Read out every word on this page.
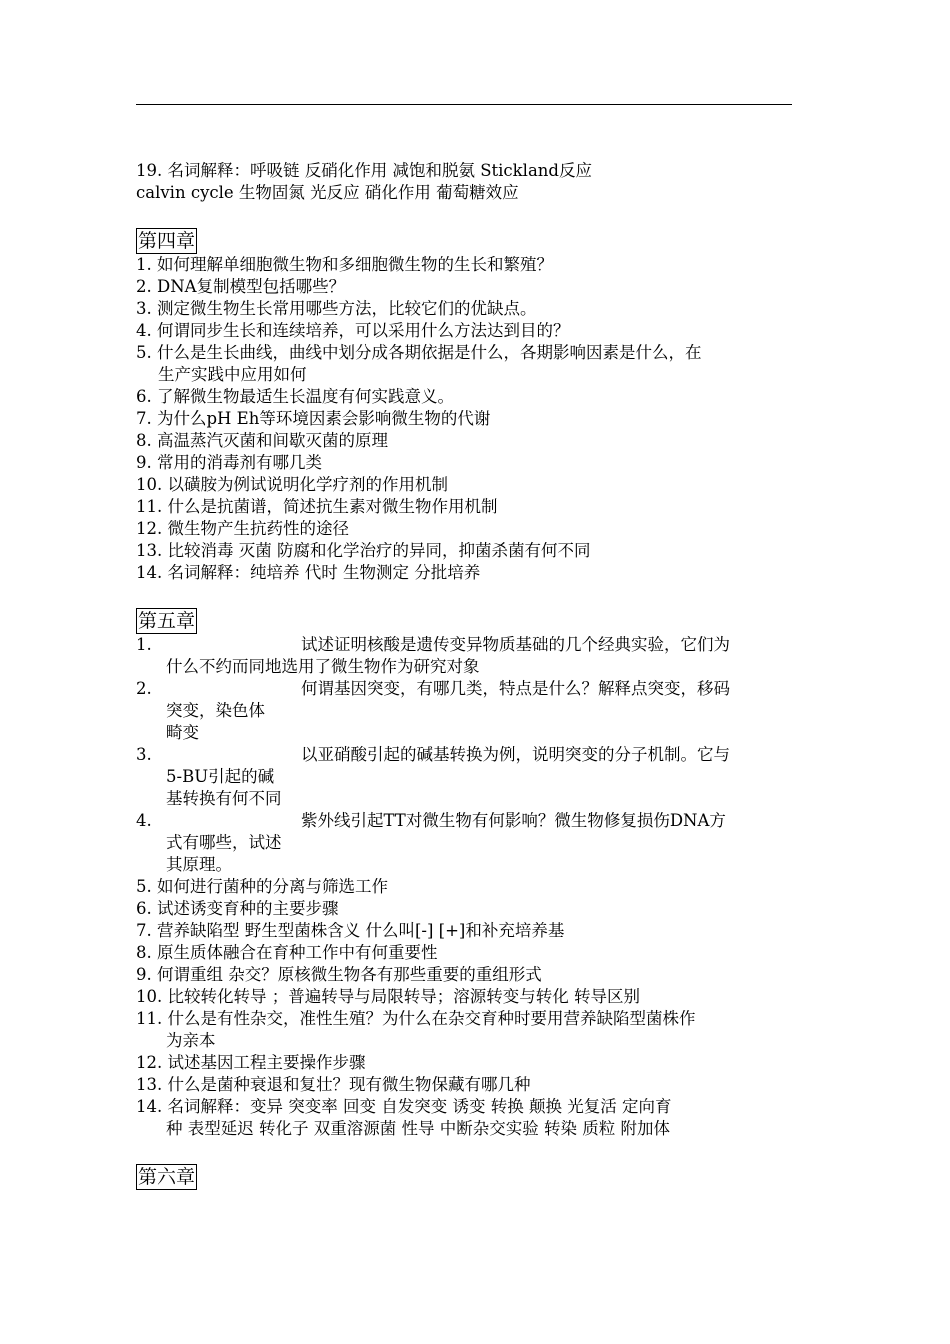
19. 名词解释：呼吸链 反硝化作用 减饱和脱氨 Stickland反应
calvin cycle 生物固氮 光反应 硝化作用 葡萄糖效应
第四章
1. 如何理解单细胞微生物和多细胞微生物的生长和繁殖？
2. DNA复制模型包括哪些？
3. 测定微生物生长常用哪些方法，比较它们的优缺点。
4. 何谓同步生长和连续培养，可以采用什么方法达到目的？
5. 什么是生长曲线，曲线中划分成各期依据是什么，各期影响因素是什么，在
生产实践中应用如何
6. 了解微生物最适生长温度有何实践意义。
7. 为什么pH Eh等环境因素会影响微生物的代谢
8. 高温蒸汽灭菌和间歇灭菌的原理
9. 常用的消毒剂有哪几类
10. 以磺胺为例试说明化学疗剂的作用机制
11. 什么是抗菌谱，简述抗生素对微生物作用机制
12. 微生物产生抗药性的途径
13. 比较消毒 灭菌 防腐和化学治疗的异同，抑菌杀菌有何不同
14. 名词解释：纯培养 代时 生物测定 分批培养
第五章
1.	试述证明核酸是遗传变异物质基础的几个经典实验，它们为
什么不约而同地选用了微生物作为研究对象
2.	何谓基因突变，有哪几类，特点是什么？解释点突变，移码
突变，染色体
畸变
3.	以亚硝酸引起的碱基转换为例，说明突变的分子机制。它与
5-BU引起的碱
基转换有何不同
4.	紫外线引起TT对微生物有何影响？微生物修复损伤DNA方
式有哪些，试述
其原理。
5. 如何进行菌种的分离与筛选工作
6. 试述诱变育种的主要步骤
7. 营养缺陷型 野生型菌株含义 什么叫[-] [+]和补充培养基
8. 原生质体融合在育种工作中有何重要性
9. 何谓重组 杂交？原核微生物各有那些重要的重组形式
10. 比较转化转导 ；普遍转导与局限转导；溶源转变与转化 转导区别
11. 什么是有性杂交，准性生殖？为什么在杂交育种时要用营养缺陷型菌株作
为亲本
12. 试述基因工程主要操作步骤
13. 什么是菌种衰退和复壮？现有微生物保藏有哪几种
14. 名词解释：变异 突变率 回变 自发突变 诱变 转换 颠换 光复活 定向育
种 表型延迟 转化子 双重溶源菌 性导 中断杂交实验 转染 质粒 附加体
第六章
